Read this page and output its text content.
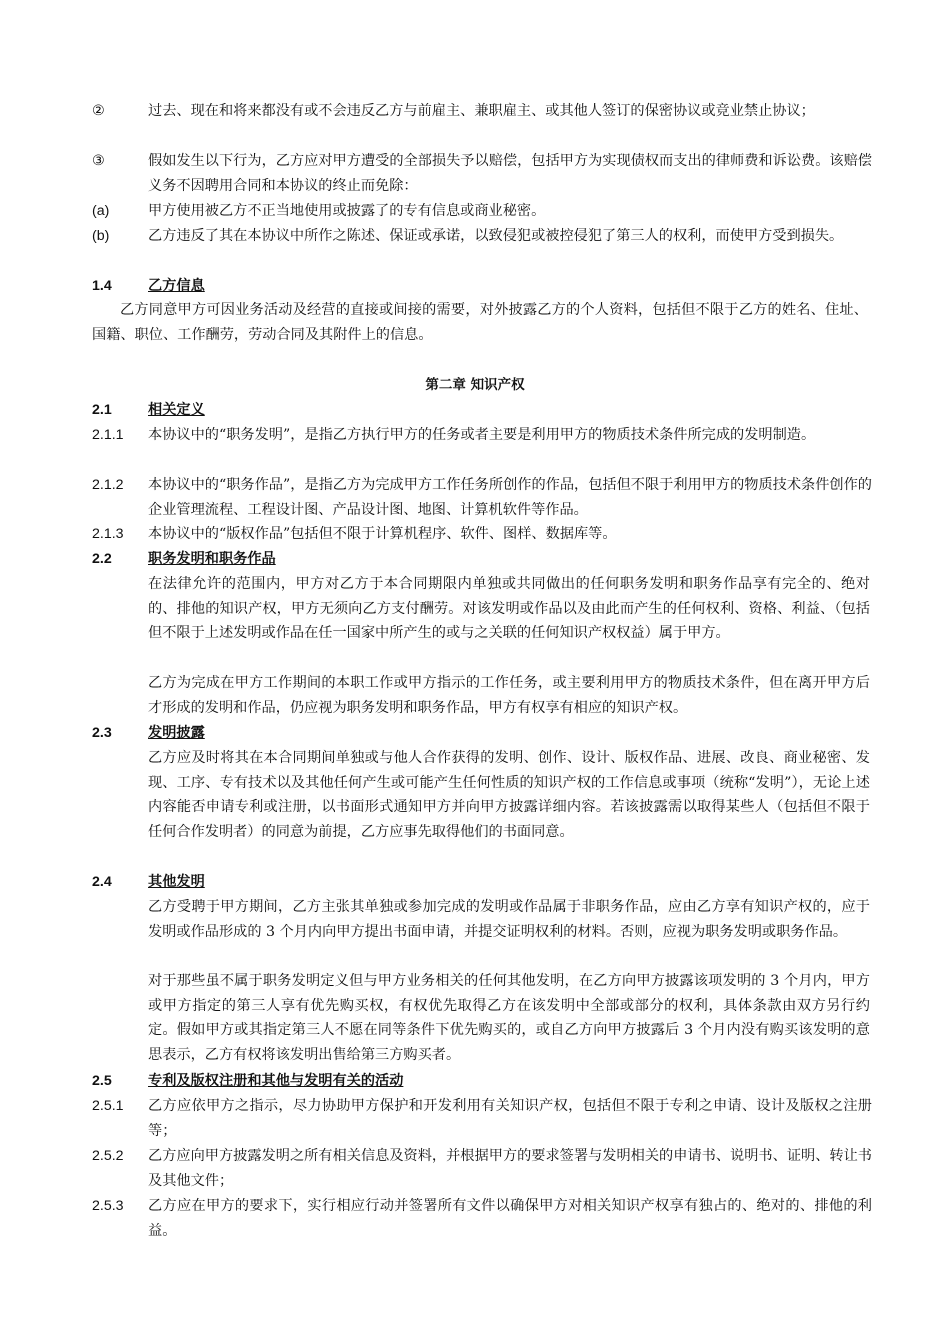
②	过去、现在和将来都没有或不会违反乙方与前雇主、兼职雇主、或其他人签订的保密协议或竞业禁止协议；
③	假如发生以下行为，乙方应对甲方遭受的全部损失予以赔偿，包括甲方为实现债权而支出的律师费和诉讼费。该赔偿义务不因聘用合同和本协议的终止而免除：
(a)	甲方使用被乙方不正当地使用或披露了的专有信息或商业秘密。
(b)	乙方违反了其在本协议中所作之陈述、保证或承诺，以致侵犯或被控侵犯了第三人的权利，而使甲方受到损失。
1.4	乙方信息
乙方同意甲方可因业务活动及经营的直接或间接的需要，对外披露乙方的个人资料，包括但不限于乙方的姓名、住址、国籍、职位、工作酬劳，劳动合同及其附件上的信息。
第二章 知识产权
2.1	相关定义
2.1.1	本协议中的“职务发明”，是指乙方执行甲方的任务或者主要是利用甲方的物质技术条件所完成的发明制造。
2.1.2	本协议中的“职务作品”，是指乙方为完成甲方工作任务所创作的作品，包括但不限于利用甲方的物质技术条件创作的企业管理流程、工程设计图、产品设计图、地图、计算机软件等作品。
2.1.3	本协议中的“版权作品”包括但不限于计算机程序、软件、图样、数据库等。
2.2	职务发明和职务作品
在法律允许的范围内，甲方对乙方于本合同期限内单独或共同做出的任何职务发明和职务作品享有完全的、绝对的、排他的知识产权，甲方无须向乙方支付酬劳。对该发明或作品以及由此而产生的任何权利、资格、利益、（包括但不限于上述发明或作品在任一国家中所产生的或与之关联的任何知识产权权益）属于甲方。
乙方为完成在甲方工作期间的本职工作或甲方指示的工作任务，或主要利用甲方的物质技术条件，但在离开甲方后才形成的发明和作品，仍应视为职务发明和职务作品，甲方有权享有相应的知识产权。
2.3	发明披露
乙方应及时将其在本合同期间单独或与他人合作获得的发明、创作、设计、版权作品、进展、改良、商业秘密、发现、工序、专有技术以及其他任何产生或可能产生任何性质的知识产权的工作信息或事项（统称“发明”），无论上述内容能否申请专利或注册，以书面形式通知甲方并向甲方披露详细内容。若该披露需以取得某些人（包括但不限于任何合作发明者）的同意为前提，乙方应事先取得他们的书面同意。
2.4	其他发明
乙方受聘于甲方期间，乙方主张其单独或参加完成的发明或作品属于非职务作品，应由乙方享有知识产权的，应于发明或作品形成的 3 个月内向甲方提出书面申请，并提交证明权利的材料。否则，应视为职务发明或职务作品。
对于那些虽不属于职务发明定义但与甲方业务相关的任何其他发明，在乙方向甲方披露该项发明的 3 个月内，甲方或甲方指定的第三人享有优先购买权，有权优先取得乙方在该发明中全部或部分的权利，具体条款由双方另行约定。假如甲方或其指定第三人不愿在同等条件下优先购买的，或自乙方向甲方披露后 3 个月内没有购买该发明的意思表示，乙方有权将该发明出售给第三方购买者。
2.5	专利及版权注册和其他与发明有关的活动
2.5.1	乙方应依甲方之指示，尽力协助甲方保护和开发利用有关知识产权，包括但不限于专利之申请、设计及版权之注册等；
2.5.2	乙方应向甲方披露发明之所有相关信息及资料，并根据甲方的要求签署与发明相关的申请书、说明书、证明、转让书及其他文件；
2.5.3	乙方应在甲方的要求下，实行相应行动并签署所有文件以确保甲方对相关知识产权享有独占的、绝对的、排他的利益。
